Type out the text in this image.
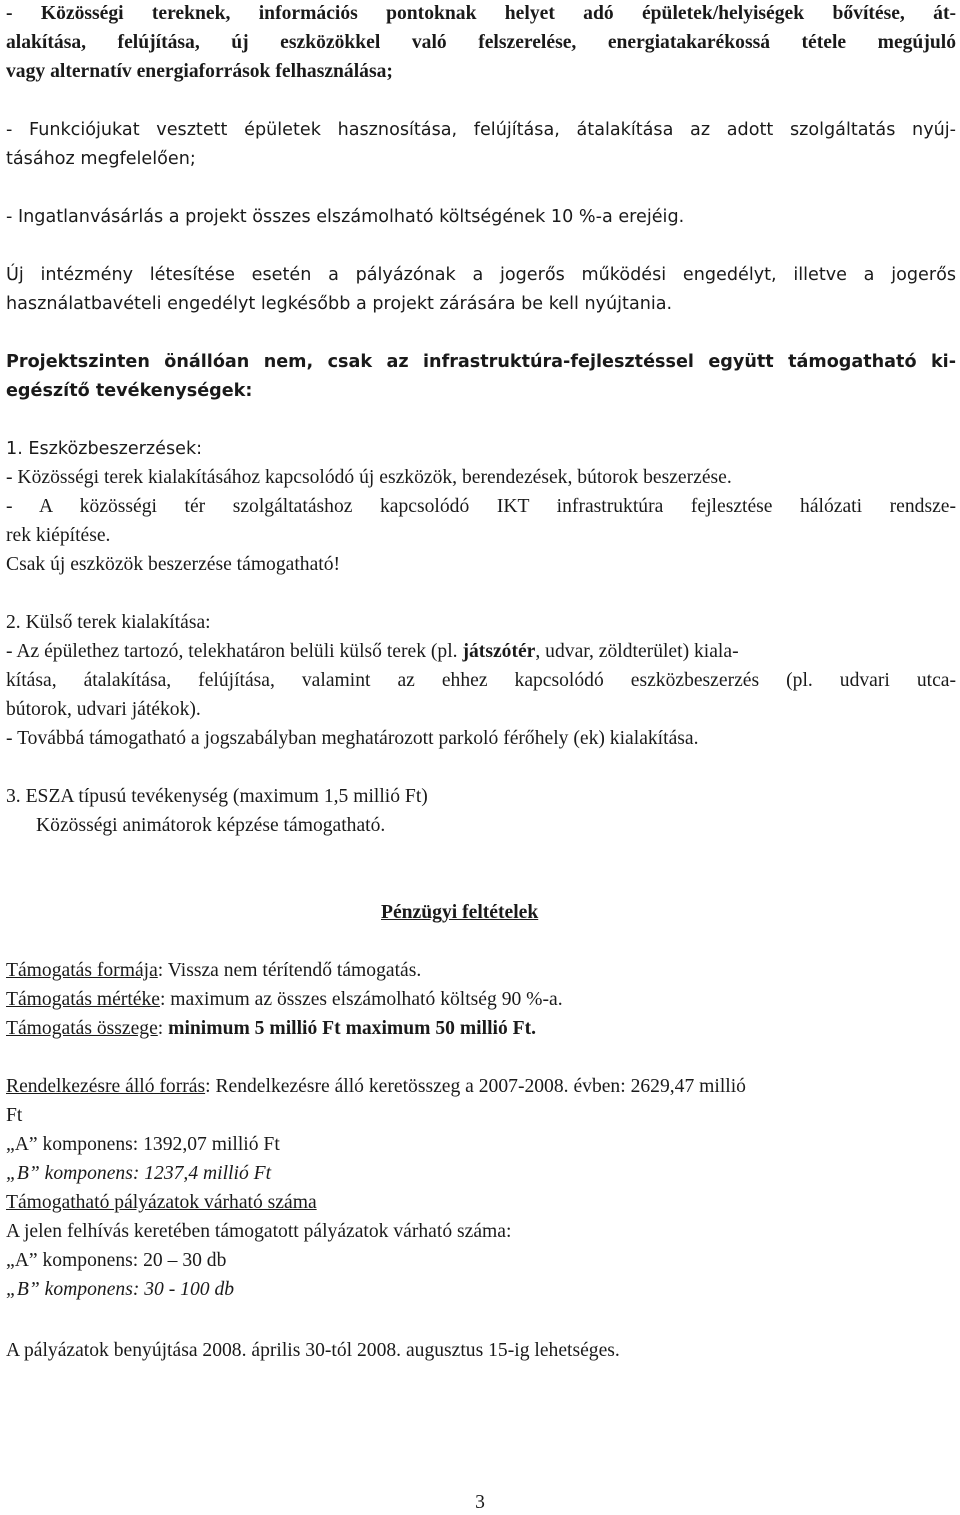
- Közösségi tereknek, információs pontoknak helyet adó épületek/helyiségek bővítése, át-
alakítása, felújítása, új eszközökkel való felszerelése, energiatakarékossá tétele megújuló
vagy alternatív energiaforrások felhasználása;
- Funkciójukat vesztett épületek hasznosítása, felújítása, átalakítása az adott szolgáltatás nyúj-
tásához megfelelően;
- Ingatlanvásárlás a projekt összes elszámolható költségének 10 %-a erejéig.
Új intézmény létesítése esetén a pályázónak a jogerős működési engedélyt, illetve a jogerős
használatbavételi engedélyt legkésőbb a projekt zárására be kell nyújtania.
Projektszinten önállóan nem, csak az infrastruktúra-fejlesztéssel együtt támogatható ki-
egészítő tevékenységek:
1. Eszközbeszerzések:
- Közösségi terek kialakításához kapcsolódó új eszközök, berendezések, bútorok beszerzése.
- A közösségi tér szolgáltatáshoz kapcsolódó IKT infrastruktúra fejlesztése hálózati rendsze-
rek kiépítése.
Csak új eszközök beszerzése támogatható!
2. Külső terek kialakítása:
- Az épülethez tartozó, telekhatáron belüli külső terek (pl. játszótér, udvar, zöldterület) kiala-
kítása, átalakítása, felújítása, valamint az ehhez kapcsolódó eszközbeszerzés (pl. udvari utca-
bútorok, udvari játékok).
- Továbbá támogatható a jogszabályban meghatározott parkoló férőhely (ek) kialakítása.
3. ESZA típusú tevékenység (maximum 1,5 millió Ft)
Közösségi animátorok képzése támogatható.
Pénzügyi feltételek
Támogatás formája: Vissza nem térítendő támogatás.
Támogatás mértéke: maximum az összes elszámolható költség 90 %-a.
Támogatás összege: minimum 5 millió Ft maximum 50 millió Ft.
Rendelkezésre álló forrás: Rendelkezésre álló keretösszeg a 2007-2008. évben: 2629,47 millió
Ft
„A” komponens: 1392,07 millió Ft
„B” komponens: 1237,4 millió Ft
Támogatható pályázatok várható száma
A jelen felhívás keretében támogatott pályázatok várható száma:
„A” komponens: 20 – 30 db
„B” komponens: 30 - 100 db
A pályázatok benyújtása 2008. április 30-tól 2008. augusztus 15-ig lehetséges.
3
